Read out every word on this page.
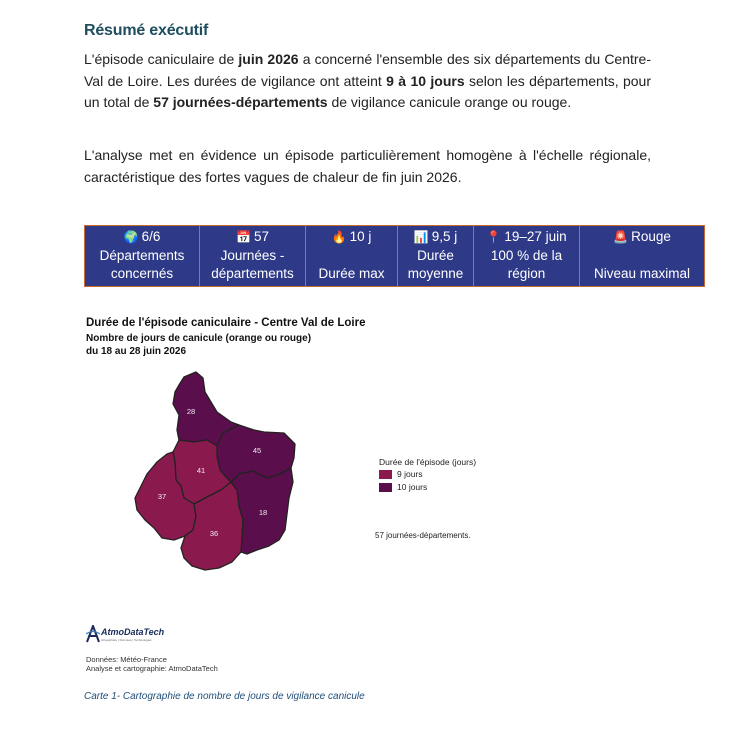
Résumé exécutif
L'épisode caniculaire de juin 2026 a concerné l'ensemble des six départements du Centre-Val de Loire. Les durées de vigilance ont atteint 9 à 10 jours selon les départements, pour un total de 57 journées-départements de vigilance canicule orange ou rouge.
L'analyse met en évidence un épisode particulièrement homogène à l'échelle régionale, caractéristique des fortes vagues de chaleur de fin juin 2026.
🌍 6/6
Départements concernés

📅 57
Journées - départements

🔥 10 j
Durée max

📊 9,5 j
Durée moyenne

📍 19–27 juin
100 % de la région

🚨 Rouge
Niveau maximal
Durée de l'épisode caniculaire - Centre Val de Loire
Nombre de jours de canicule (orange ou rouge)
du 18 au 28 juin 2026
28
45
41
37
36
18
Durée de l'épisode (jours)
9 jours
10 jours
57 journées-départements.
AtmoDataTech
Atmosphère | Données | Technologies
Données: Météo-France
Analyse et cartographie: AtmoDataTech
Carte 1- Cartographie de nombre de jours de vigilance canicule
